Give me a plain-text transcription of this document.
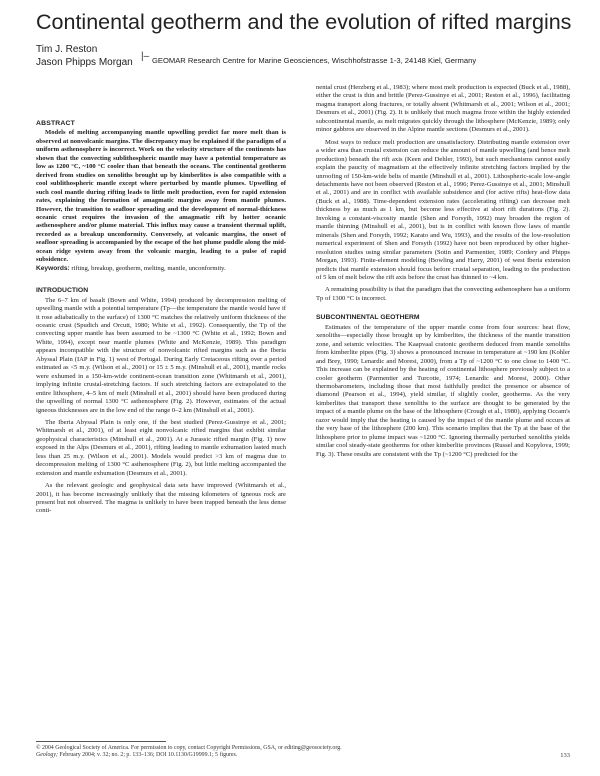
Continental geotherm and the evolution of rifted margins
Tim J. Reston
Jason Phipps Morgan |– GEOMAR Research Centre for Marine Geosciences, Wischhofstrasse 1-3, 24148 Kiel, Germany
ABSTRACT

Models of melting accompanying mantle upwelling predict far more melt than is observed at nonvolcanic margins. The discrepancy may be explained if the paradigm of a uniform asthenosphere is incorrect. Work on the velocity structure of the continents has shown that the convecting sublithospheric mantle may have a potential temperature as low as 1200 °C, ~100 °C cooler than that beneath the oceans. The continental geotherm derived from studies on xenoliths brought up by kimberlites is also compatible with a cool sublithospheric mantle except where perturbed by mantle plumes. Upwelling of such cool mantle during rifting leads to little melt production, even for rapid extension rates, explaining the formation of amagmatic margins away from mantle plumes. However, the transition to seafloor spreading and the development of normal-thickness oceanic crust requires the invasion of the amagmatic rift by hotter oceanic asthenosphere and/or plume material. This influx may cause a transient thermal uplift, recorded as a breakup unconformity. Conversely, at volcanic margins, the onset of seafloor spreading is accompanied by the escape of the hot plume puddle along the mid-ocean ridge system away from the volcanic margin, leading to a pulse of rapid subsidence.

Keywords: rifting, breakup, geotherm, melting, mantle, unconformity.

INTRODUCTION

The 6–7 km of basalt (Bown and White, 1994) produced by decompression melting of upwelling mantle with a potential temperature (Tp—the temperature the mantle would have if it rose adiabatically to the surface) of 1300 °C matches the relatively uniform thickness of the oceanic crust (Spudich and Orcutt, 1980; White et al., 1992). Consequently, the Tp of the convecting upper mantle has been assumed to be ~1300 °C (White et al., 1992; Bown and White, 1994), except near mantle plumes (White and McKenzie, 1989). This paradigm appears incompatible with the structure of nonvolcanic rifted margins such as the Iberia Abyssal Plain (IAP in Fig. 1) west of Portugal. During Early Cretaceous rifting over a period estimated as <5 m.y. (Wilson et al., 2001) or 15 ± 5 m.y. (Minshull et al., 2001), mantle rocks were exhumed in a 150-km-wide continent-ocean transition zone (Whitmarsh et al., 2001), implying infinite crustal-stretching factors. If such stretching factors are extrapolated to the entire lithosphere, 4–5 km of melt (Minshull et al., 2001) should have been produced during the upwelling of normal 1300 °C asthenosphere (Fig. 2). However, estimates of the actual igneous thicknesses are in the low end of the range 0–2 km (Minshull et al., 2001).

The Iberia Abyssal Plain is only one, if the best studied (Perez-Gussinye et al., 2001; Whitmarsh et al., 2001), of at least eight nonvolcanic rifted margins that exhibit similar geophysical characteristics (Minshull et al., 2001). At a Jurassic rifted margin (Fig. 1) now exposed in the Alps (Desmurs et al., 2001), rifting leading to mantle exhumation lasted much less than 25 m.y. (Wilson et al., 2001). Models would predict >3 km of magma due to decompression melting of 1300 °C asthenosphere (Fig. 2), but little melting accompanied the extension and mantle exhumation (Desmurs et al., 2001).

As the relevant geologic and geophysical data sets have improved (Whitmarsh et al., 2001), it has become increasingly unlikely that the missing kilometers of igneous rock are present but not observed. The magma is unlikely to have been trapped beneath the less dense conti-

nental crust (Herzberg et al., 1983); where most melt production is expected (Buck et al., 1988), either the crust is thin and brittle (Perez-Gussinye et al., 2001; Reston et al., 1996), facilitating magma transport along fractures, or totally absent (Whitmarsh et al., 2001; Wilson et al., 2001; Desmurs et al., 2001) (Fig. 2). It is unlikely that much magma froze within the highly extended subcontinental mantle, as melt migrates quickly through the lithosphere (McKenzie, 1989); only minor gabbros are observed in the Alpine mantle sections (Desmurs et al., 2001).

Most ways to reduce melt production are unsatisfactory. Distributing mantle extension over a wider area than crustal extension can reduce the amount of mantle upwelling (and hence melt production) beneath the rift axis (Keen and Dehler, 1993), but such mechanisms cannot easily explain the paucity of magmatism at the effectively infinite stretching factors implied by the unroofing of 150-km-wide belts of mantle (Minshull et al., 2001). Lithospheric-scale low-angle detachments have not been observed (Reston et al., 1996; Perez-Gussinye et al., 2001; Minshull et al., 2001) and are in conflict with available subsidence and (for active rifts) heat-flow data (Buck et al., 1988). Time-dependent extension rates (accelerating rifting) can decrease melt thickness by as much as 1 km, but become less effective at short rift durations (Fig. 2). Invoking a constant-viscosity mantle (Shen and Forsyth, 1992) may broaden the region of mantle thinning (Minshull et al., 2001), but is in conflict with known flow laws of mantle minerals (Shen and Forsyth, 1992; Karato and Wu, 1993), and the results of the low-resolution numerical experiment of Shen and Forsyth (1992) have not been reproduced by other higher-resolution studies using similar parameters (Sotin and Parmentier, 1989; Cordery and Phipps Morgan, 1993). Finite-element modeling (Bowling and Harry, 2001) of west Iberia extension predicts that mantle extension should focus before crustal separation, leading to the production of 5 km of melt below the rift axis before the crust has thinned to ~4 km.

A remaining possibility is that the paradigm that the convecting asthenosphere has a uniform Tp of 1300 °C is incorrect.

SUBCONTINENTAL GEOTHERM

Estimates of the temperature of the upper mantle come from four sources: heat flow, xenoliths—especially those brought up by kimberlites, the thickness of the mantle transition zone, and seismic velocities. The Kaapvaal cratonic geotherm deduced from mantle xenoliths from kimberlite pipes (Fig. 3) shows a pronounced increase in temperature at ~190 km (Kohler and Brey, 1990; Lenardic and Moresi, 2000), from a Tp of ~1200 °C to one close to 1400 °C. This increase can be explained by the heating of continental lithosphere previously subject to a cooler geotherm (Parmentier and Turcotte, 1974; Lenardic and Moresi, 2000). Other thermobarometers, including those that most faithfully predict the presence or absence of diamond (Pearson et al., 1994), yield similar, if slightly cooler, geotherms. As the very kimberlites that transport these xenoliths to the surface are thought to be generated by the impact of a mantle plume on the base of the lithosphere (Crough et al., 1980), applying Occam's razor would imply that the heating is caused by the impact of the mantle plume and occurs at the very base of the lithosphere (200 km). This scenario implies that the Tp at the base of the lithosphere prior to plume impact was ~1200 °C. Ignoring thermally perturbed xenoliths yields similar cool steady-state geotherms for other kimberlite provinces (Russel and Kopylova, 1999; Fig. 3). These results are consistent with the Tp (~1200 °C) predicted for the

© 2004 Geological Society of America. For permission to copy, contact Copyright Permissions, GSA, or editing@geosociety.org.
Geology; February 2004; v. 32; no. 2; p. 133–136; DOI 10.1130/G19999.1; 5 figures.	133
